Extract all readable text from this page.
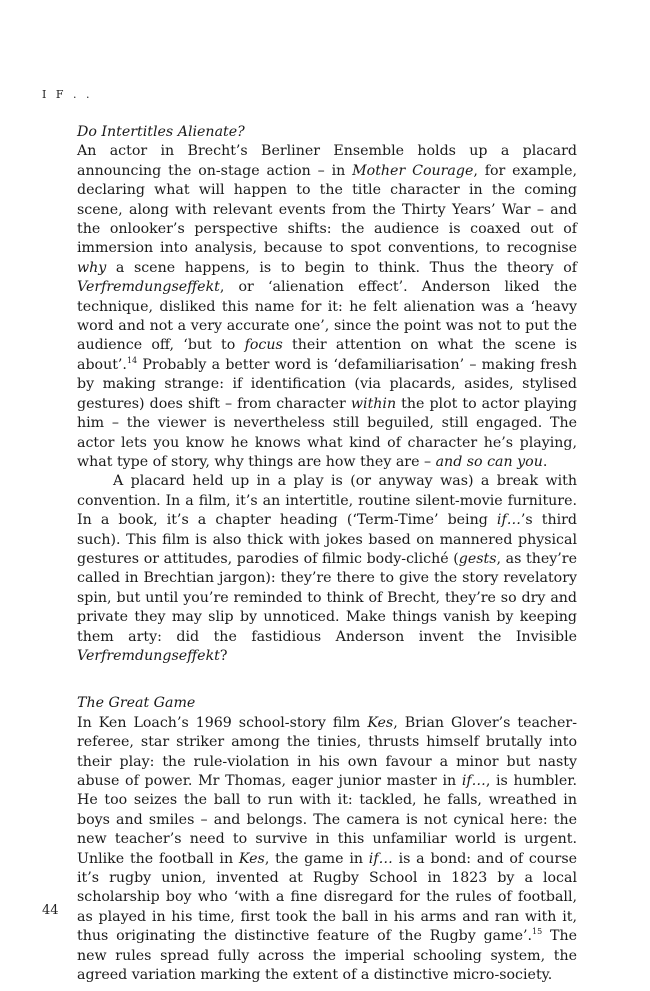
I F . .

Do Intertitles Alienate?

An actor in Brecht’s Berliner Ensemble holds up a placard announcing the on-stage action – in Mother Courage, for example, declaring what will happen to the title character in the coming scene, along with relevant events from the Thirty Years’ War – and the onlooker’s perspective shifts: the audience is coaxed out of immersion into analysis, because to spot conventions, to recognise why a scene happens, is to begin to think. Thus the theory of Verfremdungseffekt, or ‘alienation effect’. Anderson liked the technique, disliked this name for it: he felt alienation was a ‘heavy word and not a very accurate one’, since the point was not to put the audience off, ‘but to focus their attention on what the scene is about’.$^{14}$ Probably a better word is ‘defamiliarisation’ – making fresh by making strange: if identification (via placards, asides, stylised gestures) does shift – from character within the plot to actor playing him – the viewer is nevertheless still beguiled, still engaged. The actor lets you know he knows what kind of character he’s playing, what type of story, why things are how they are – and so can you.

A placard held up in a play is (or anyway was) a break with convention. In a film, it’s an intertitle, routine silent-movie furniture. In a book, it’s a chapter heading (‘Term-Time’ being if…’s third such). This film is also thick with jokes based on mannered physical gestures or attitudes, parodies of filmic body-cliché (gests, as they’re called in Brechtian jargon): they’re there to give the story revelatory spin, but until you’re reminded to think of Brecht, they’re so dry and private they may slip by unnoticed. Make things vanish by keeping them arty: did the fastidious Anderson invent the Invisible Verfremdungseffekt?

The Great Game

In Ken Loach’s 1969 school-story film Kes, Brian Glover’s teacher-referee, star striker among the tinies, thrusts himself brutally into their play: the rule-violation in his own favour a minor but nasty abuse of power. Mr Thomas, eager junior master in if…, is humbler. He too seizes the ball to run with it: tackled, he falls, wreathed in boys and smiles – and belongs. The camera is not cynical here: the new teacher’s need to survive in this unfamiliar world is urgent. Unlike the football in Kes, the game in if… is a bond: and of course it’s rugby union, invented at Rugby School in 1823 by a local scholarship boy who ‘with a fine disregard for the rules of football, as played in his time, first took the ball in his arms and ran with it, thus originating the distinctive feature of the Rugby game’.$^{15}$ The new rules spread fully across the imperial schooling system, the agreed variation marking the extent of a distinctive micro-society.

44
